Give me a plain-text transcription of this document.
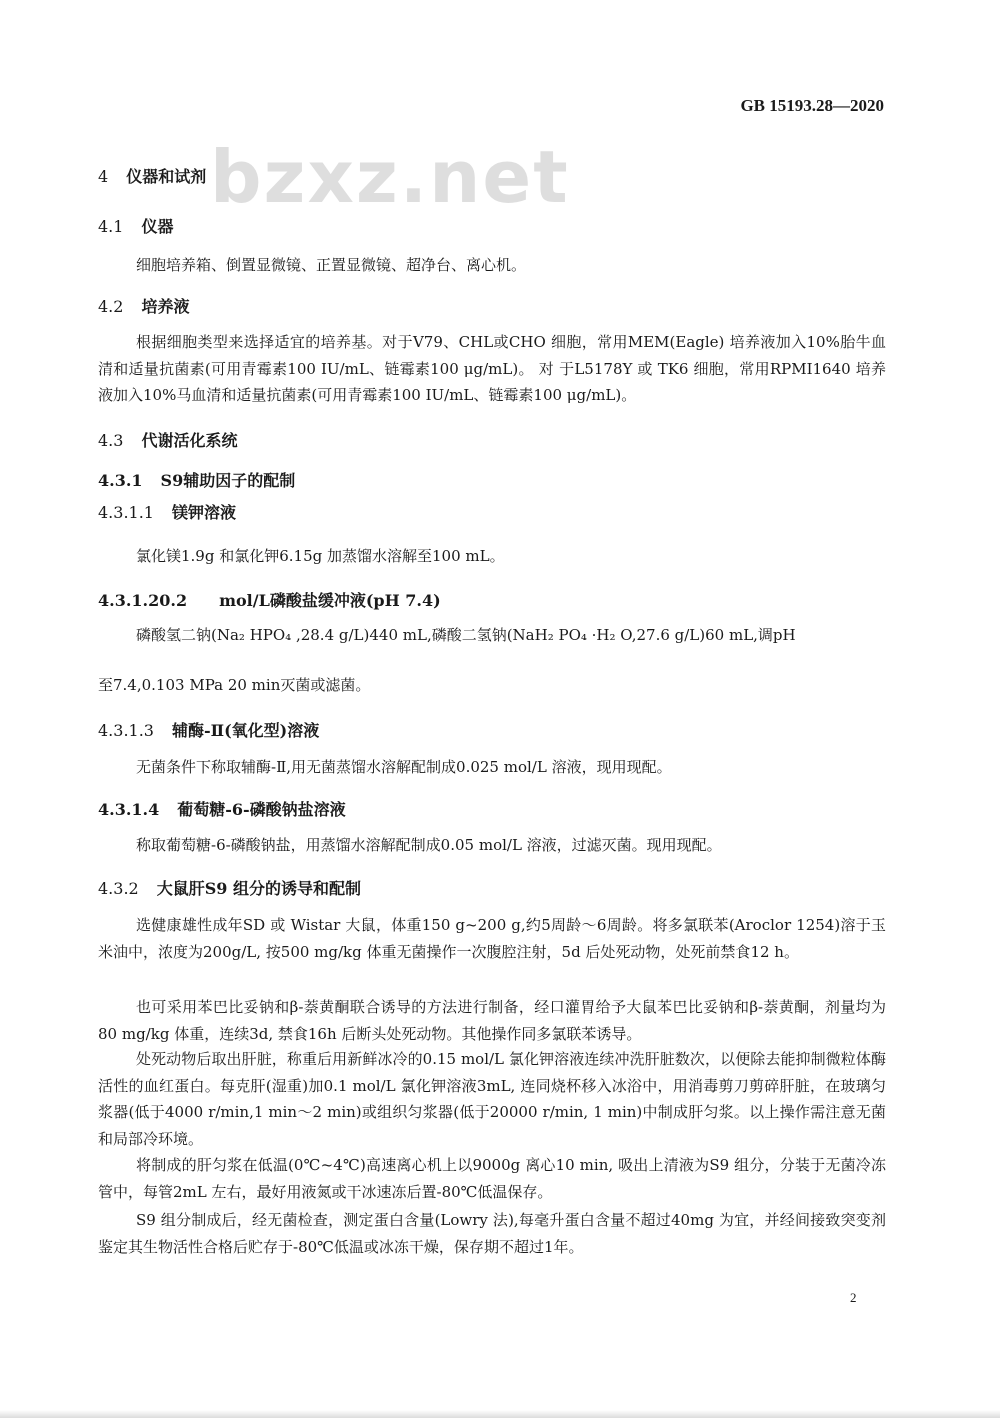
bzxz.net
GB 15193.28—2020
4 仪器和试剂
4.1 仪器
细胞培养箱、倒置显微镜、正置显微镜、超净台、离心机。
4.2 培养液
根据细胞类型来选择适宜的培养基。对于V79、CHL或CHO 细胞，常用MEM(Eagle) 培养液加入10%胎牛血清和适量抗菌素(可用青霉素100 IU/mL、链霉素100 μg/mL)。 对 于L5178Y 或 TK6 细胞，常用RPMI1640 培养液加入10%马血清和适量抗菌素(可用青霉素100 IU/mL、链霉素100 μg/mL)。
4.3 代谢活化系统
4.3.1 S9辅助因子的配制
4.3.1.1 镁钾溶液
氯化镁1.9g 和氯化钾6.15g 加蒸馏水溶解至100 mL。
4.3.1.20.2 mol/L磷酸盐缓冲液(pH 7.4)
磷酸氢二钠(Na₂ HPO₄ ,28.4 g/L)440 mL,磷酸二氢钠(NaH₂ PO₄ ·H₂ O,27.6 g/L)60 mL,调pH
至7.4,0.103 MPa 20 min灭菌或滤菌。
4.3.1.3 辅酶-Ⅱ(氧化型)溶液
无菌条件下称取辅酶-Ⅱ,用无菌蒸馏水溶解配制成0.025 mol/L 溶液，现用现配。
4.3.1.4 葡萄糖-6-磷酸钠盐溶液
称取葡萄糖-6-磷酸钠盐，用蒸馏水溶解配制成0.05 mol/L 溶液，过滤灭菌。现用现配。
4.3.2 大鼠肝S9 组分的诱导和配制
选健康雄性成年SD 或 Wistar 大鼠，体重150 g~200 g,约5周龄～6周龄。将多氯联苯(Aroclor 1254)溶于玉米油中，浓度为200g/L, 按500 mg/kg 体重无菌操作一次腹腔注射，5d 后处死动物，处死前禁食12 h。
也可采用苯巴比妥钠和β-萘黄酮联合诱导的方法进行制备，经口灌胃给予大鼠苯巴比妥钠和β-萘黄酮，剂量均为80 mg/kg 体重，连续3d, 禁食16h 后断头处死动物。其他操作同多氯联苯诱导。
处死动物后取出肝脏，称重后用新鲜冰冷的0.15 mol/L 氯化钾溶液连续冲洗肝脏数次，以便除去能抑制微粒体酶活性的血红蛋白。每克肝(湿重)加0.1 mol/L 氯化钾溶液3mL, 连同烧杯移入冰浴中，用消毒剪刀剪碎肝脏，在玻璃匀浆器(低于4000 r/min,1 min～2 min)或组织匀浆器(低于20000 r/min, 1 min)中制成肝匀浆。以上操作需注意无菌和局部冷环境。
将制成的肝匀浆在低温(0℃~4℃)高速离心机上以9000g 离心10 min, 吸出上清液为S9 组分，分装于无菌冷冻管中，每管2mL 左右，最好用液氮或干冰速冻后置-80℃低温保存。
S9 组分制成后，经无菌检查，测定蛋白含量(Lowry 法),每毫升蛋白含量不超过40mg 为宜，并经间接致突变剂鉴定其生物活性合格后贮存于-80℃低温或冰冻干燥，保存期不超过1年。
2
